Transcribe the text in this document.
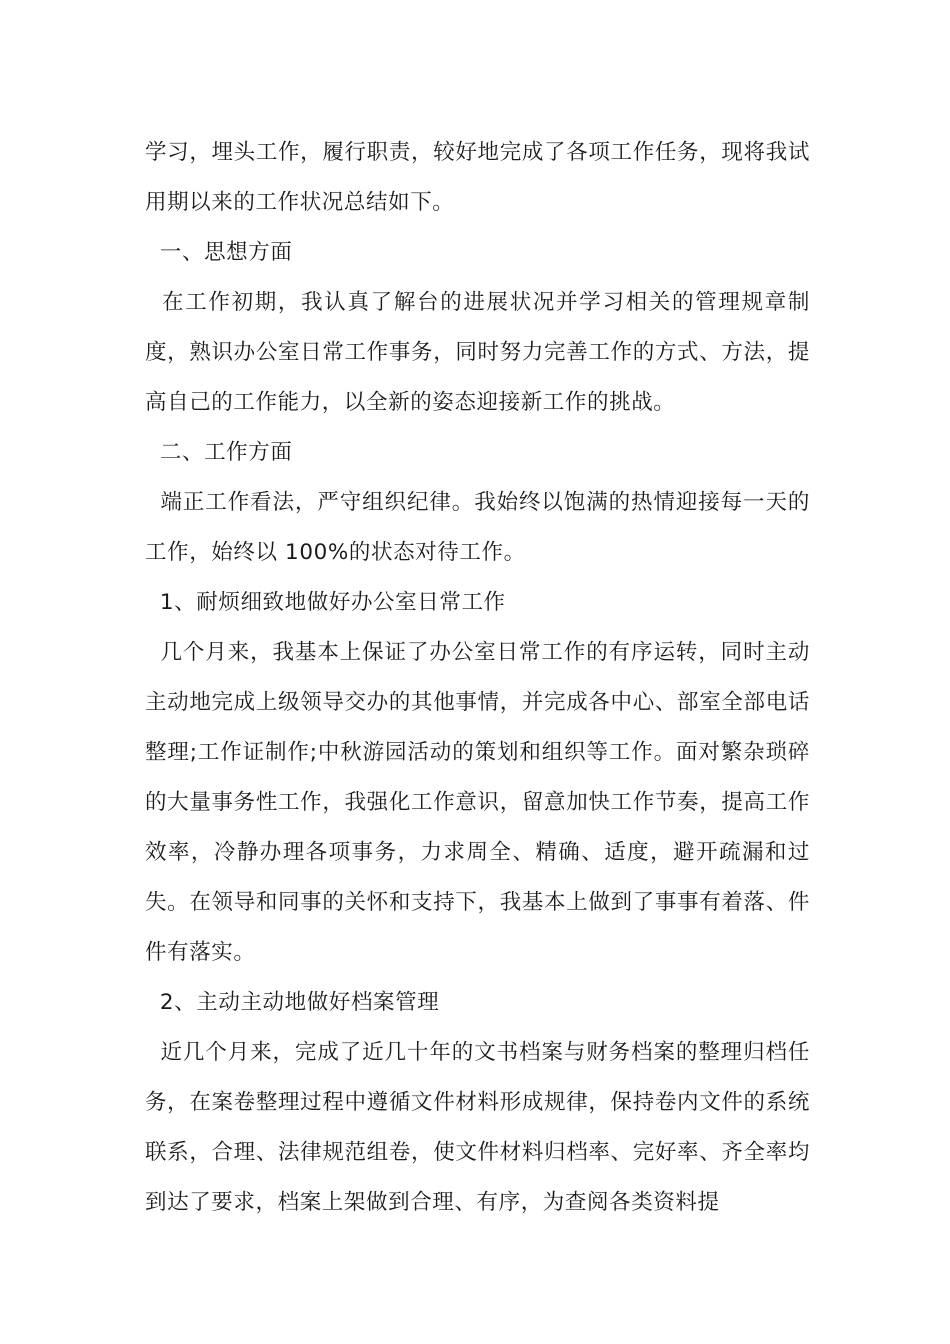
学习，埋头工作，履行职责，较好地完成了各项工作任务，现将我试用期以来的工作状况总结如下。

一、思想方面

在工作初期，我认真了解台的进展状况并学习相关的管理规章制度，熟识办公室日常工作事务，同时努力完善工作的方式、方法，提高自己的工作能力，以全新的姿态迎接新工作的挑战。

二、工作方面

端正工作看法，严守组织纪律。我始终以饱满的热情迎接每一天的工作，始终以 100%的状态对待工作。

1、耐烦细致地做好办公室日常工作

几个月来，我基本上保证了办公室日常工作的有序运转，同时主动主动地完成上级领导交办的其他事情，并完成各中心、部室全部电话整理;工作证制作;中秋游园活动的策划和组织等工作。面对繁杂琐碎的大量事务性工作，我强化工作意识，留意加快工作节奏，提高工作效率，冷静办理各项事务，力求周全、精确、适度，避开疏漏和过失。在领导和同事的关怀和支持下，我基本上做到了事事有着落、件件有落实。

2、主动主动地做好档案管理

近几个月来，完成了近几十年的文书档案与财务档案的整理归档任务，在案卷整理过程中遵循文件材料形成规律，保持卷内文件的系统联系，合理、法律规范组卷，使文件材料归档率、完好率、齐全率均到达了要求，档案上架做到合理、有序，为查阅各类资料提
